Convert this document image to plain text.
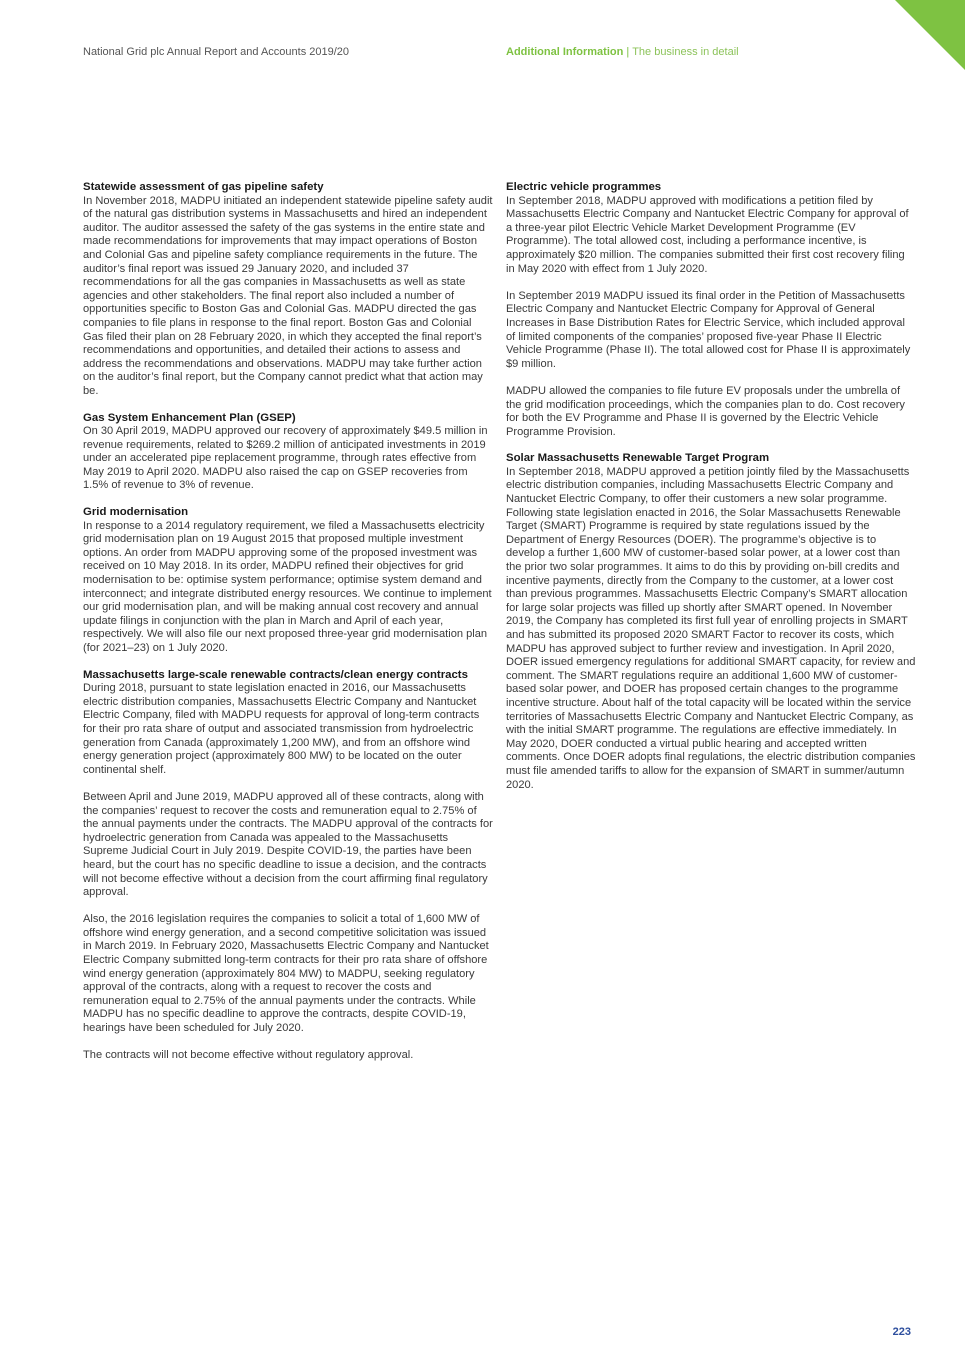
National Grid plc Annual Report and Accounts 2019/20	Additional Information | The business in detail
Statewide assessment of gas pipeline safety

In November 2018, MADPU initiated an independent statewide pipeline safety audit of the natural gas distribution systems in Massachusetts and hired an independent auditor. The auditor assessed the safety of the gas systems in the entire state and made recommendations for improvements that may impact operations of Boston and Colonial Gas and pipeline safety compliance requirements in the future. The auditor’s final report was issued 29 January 2020, and included 37 recommendations for all the gas companies in Massachusetts as well as state agencies and other stakeholders. The final report also included a number of opportunities specific to Boston Gas and Colonial Gas. MADPU directed the gas companies to file plans in response to the final report. Boston Gas and Colonial Gas filed their plan on 28 February 2020, in which they accepted the final report’s recommendations and opportunities, and detailed their actions to assess and address the recommendations and observations. MADPU may take further action on the auditor’s final report, but the Company cannot predict what that action may be.

Gas System Enhancement Plan (GSEP)

On 30 April 2019, MADPU approved our recovery of approximately $49.5 million in revenue requirements, related to $269.2 million of anticipated investments in 2019 under an accelerated pipe replacement programme, through rates effective from May 2019 to April 2020. MADPU also raised the cap on GSEP recoveries from 1.5% of revenue to 3% of revenue.

Grid modernisation

In response to a 2014 regulatory requirement, we filed a Massachusetts electricity grid modernisation plan on 19 August 2015 that proposed multiple investment options. An order from MADPU approving some of the proposed investment was received on 10 May 2018. In its order, MADPU refined their objectives for grid modernisation to be: optimise system performance; optimise system demand and interconnect; and integrate distributed energy resources. We continue to implement our grid modernisation plan, and will be making annual cost recovery and annual update filings in conjunction with the plan in March and April of each year, respectively. We will also file our next proposed three-year grid modernisation plan (for 2021–23) on 1 July 2020.

Massachusetts large-scale renewable contracts/clean energy contracts

During 2018, pursuant to state legislation enacted in 2016, our Massachusetts electric distribution companies, Massachusetts Electric Company and Nantucket Electric Company, filed with MADPU requests for approval of long-term contracts for their pro rata share of output and associated transmission from hydroelectric generation from Canada (approximately 1,200 MW), and from an offshore wind energy generation project (approximately 800 MW) to be located on the outer continental shelf.

Between April and June 2019, MADPU approved all of these contracts, along with the companies’ request to recover the costs and remuneration equal to 2.75% of the annual payments under the contracts. The MADPU approval of the contracts for hydroelectric generation from Canada was appealed to the Massachusetts Supreme Judicial Court in July 2019. Despite COVID-19, the parties have been heard, but the court has no specific deadline to issue a decision, and the contracts will not become effective without a decision from the court affirming final regulatory approval.

Also, the 2016 legislation requires the companies to solicit a total of 1,600 MW of offshore wind energy generation, and a second competitive solicitation was issued in March 2019. In February 2020, Massachusetts Electric Company and Nantucket Electric Company submitted long-term contracts for their pro rata share of offshore wind energy generation (approximately 804 MW) to MADPU, seeking regulatory approval of the contracts, along with a request to recover the costs and remuneration equal to 2.75% of the annual payments under the contracts. While MADPU has no specific deadline to approve the contracts, despite COVID-19, hearings have been scheduled for July 2020.

The contracts will not become effective without regulatory approval.

Electric vehicle programmes

In September 2018, MADPU approved with modifications a petition filed by Massachusetts Electric Company and Nantucket Electric Company for approval of a three-year pilot Electric Vehicle Market Development Programme (EV Programme). The total allowed cost, including a performance incentive, is approximately $20 million. The companies submitted their first cost recovery filing in May 2020 with effect from 1 July 2020.

In September 2019 MADPU issued its final order in the Petition of Massachusetts Electric Company and Nantucket Electric Company for Approval of General Increases in Base Distribution Rates for Electric Service, which included approval of limited components of the companies’ proposed five-year Phase II Electric Vehicle Programme (Phase II). The total allowed cost for Phase II is approximately $9 million.

MADPU allowed the companies to file future EV proposals under the umbrella of the grid modification proceedings, which the companies plan to do. Cost recovery for both the EV Programme and Phase II is governed by the Electric Vehicle Programme Provision.

Solar Massachusetts Renewable Target Program

In September 2018, MADPU approved a petition jointly filed by the Massachusetts electric distribution companies, including Massachusetts Electric Company and Nantucket Electric Company, to offer their customers a new solar programme. Following state legislation enacted in 2016, the Solar Massachusetts Renewable Target (SMART) Programme is required by state regulations issued by the Department of Energy Resources (DOER). The programme’s objective is to develop a further 1,600 MW of customer-based solar power, at a lower cost than the prior two solar programmes. It aims to do this by providing on-bill credits and incentive payments, directly from the Company to the customer, at a lower cost than previous programmes. Massachusetts Electric Company’s SMART allocation for large solar projects was filled up shortly after SMART opened. In November 2019, the Company has completed its first full year of enrolling projects in SMART and has submitted its proposed 2020 SMART Factor to recover its costs, which MADPU has approved subject to further review and investigation. In April 2020, DOER issued emergency regulations for additional SMART capacity, for review and comment. The SMART regulations require an additional 1,600 MW of customer-based solar power, and DOER has proposed certain changes to the programme incentive structure. About half of the total capacity will be located within the service territories of Massachusetts Electric Company and Nantucket Electric Company, as with the initial SMART programme. The regulations are effective immediately. In May 2020, DOER conducted a virtual public hearing and accepted written comments. Once DOER adopts final regulations, the electric distribution companies must file amended tariffs to allow for the expansion of SMART in summer/autumn 2020.

223
